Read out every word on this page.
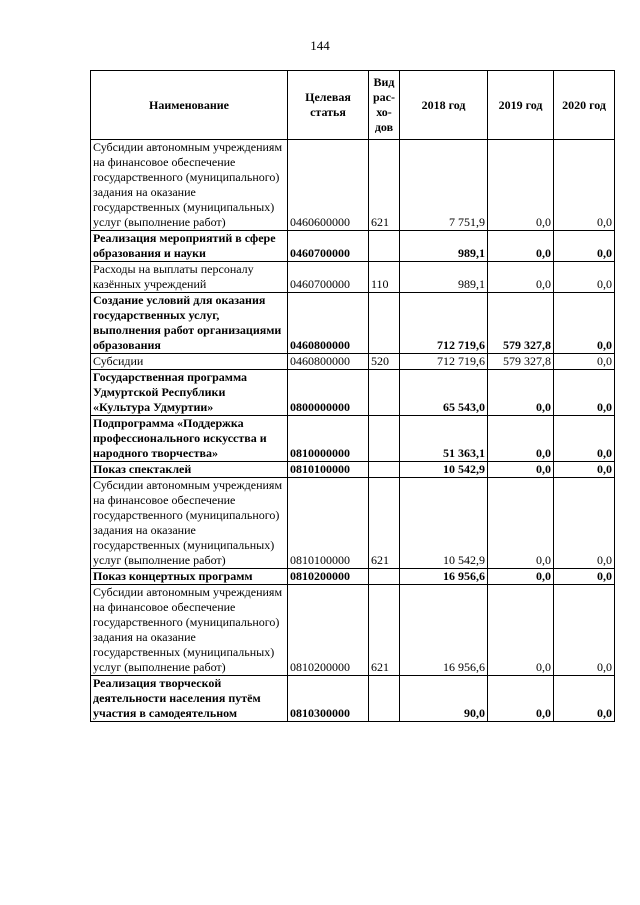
144
Наименование	Целевая статья	Вид рас-хо-дов	2018 год	2019 год	2020 год
Субсидии автономным учреждениям на финансовое обеспечение государственного (муниципального) задания на оказание государственных (муниципальных) услуг (выполнение работ)	0460600000	621	7 751,9	0,0	0,0
Реализация мероприятий в сфере образования и науки	0460700000		989,1	0,0	0,0
Расходы на выплаты персоналу казённых учреждений	0460700000	110	989,1	0,0	0,0
Создание условий для оказания государственных услуг, выполнения работ организациями образования	0460800000		712 719,6	579 327,8	0,0
Субсидии	0460800000	520	712 719,6	579 327,8	0,0
Государственная программа Удмуртской Республики «Культура Удмуртии»	0800000000		65 543,0	0,0	0,0
Подпрограмма «Поддержка профессионального искусства и народного творчества»	0810000000		51 363,1	0,0	0,0
Показ спектаклей	0810100000		10 542,9	0,0	0,0
Субсидии автономным учреждениям на финансовое обеспечение государственного (муниципального) задания на оказание государственных (муниципальных) услуг (выполнение работ)	0810100000	621	10 542,9	0,0	0,0
Показ концертных программ	0810200000		16 956,6	0,0	0,0
Субсидии автономным учреждениям на финансовое обеспечение государственного (муниципального) задания на оказание государственных (муниципальных) услуг (выполнение работ)	0810200000	621	16 956,6	0,0	0,0
Реализация творческой деятельности населения путём участия в самодеятельном	0810300000		90,0	0,0	0,0
